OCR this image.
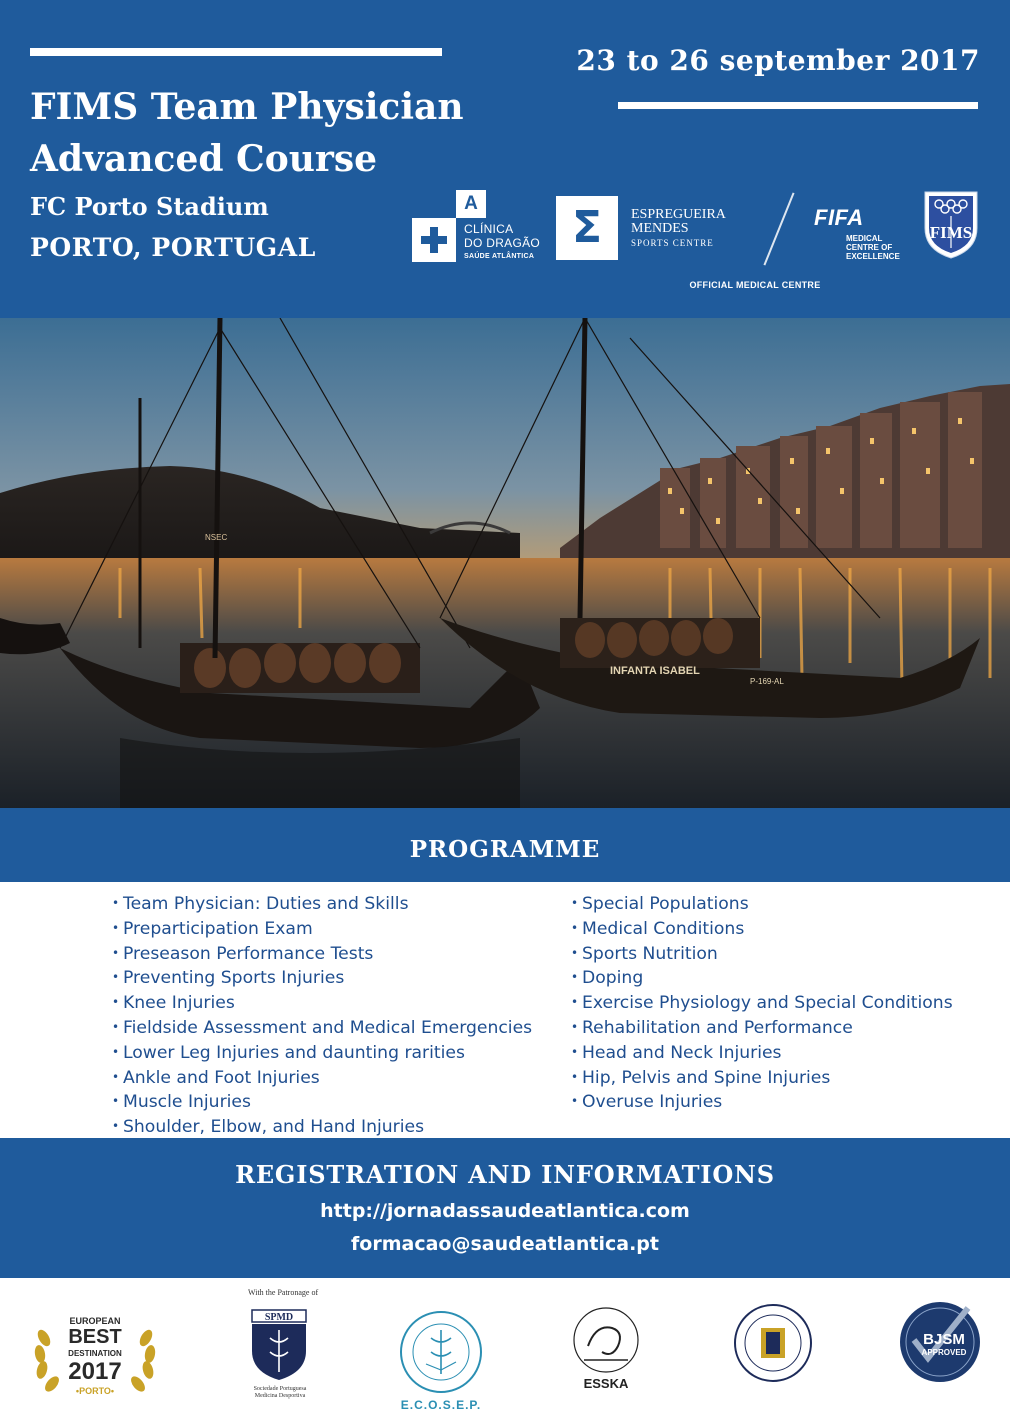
23 to 26 september 2017
FIMS Team Physician
Advanced Course
FC Porto Stadium
PORTO, PORTUGAL
A
CLÍNICA
DO DRAGÃO
SAÚDE ATLÂNTICA
Σ	ESPREGUEIRA
MENDES
SPORTS CENTRE
FIFA
MEDICAL
CENTRE OF
EXCELLENCE
FIMS
OFFICIAL MEDICAL CENTRE
NSEC
INFANTA ISABEL
P-169-AL
PROGRAMME
• Team Physician: Duties and Skills
• Preparticipation Exam
• Preseason Performance Tests
• Preventing Sports Injuries
• Knee Injuries
• Fieldside Assessment and Medical Emergencies
• Lower Leg Injuries and daunting rarities
• Ankle and Foot Injuries
• Muscle Injuries
• Shoulder, Elbow, and Hand Injuries
• Special Populations
• Medical Conditions
• Sports Nutrition
• Doping
• Exercise Physiology and Special Conditions
• Rehabilitation and Performance
• Head and Neck Injuries
• Hip, Pelvis and Spine Injuries
• Overuse Injuries
REGISTRATION AND INFORMATIONS
http://jornadassaudeatlantica.com
formacao@saudeatlantica.pt
EUROPEAN
BEST
DESTINATION
2017
•PORTO•
With the Patronage of
SPMD
Sociedade Portuguesa
Medicina Desportiva
E.C.O.S.E.P.
ESSKA
BJSM
APPROVED
